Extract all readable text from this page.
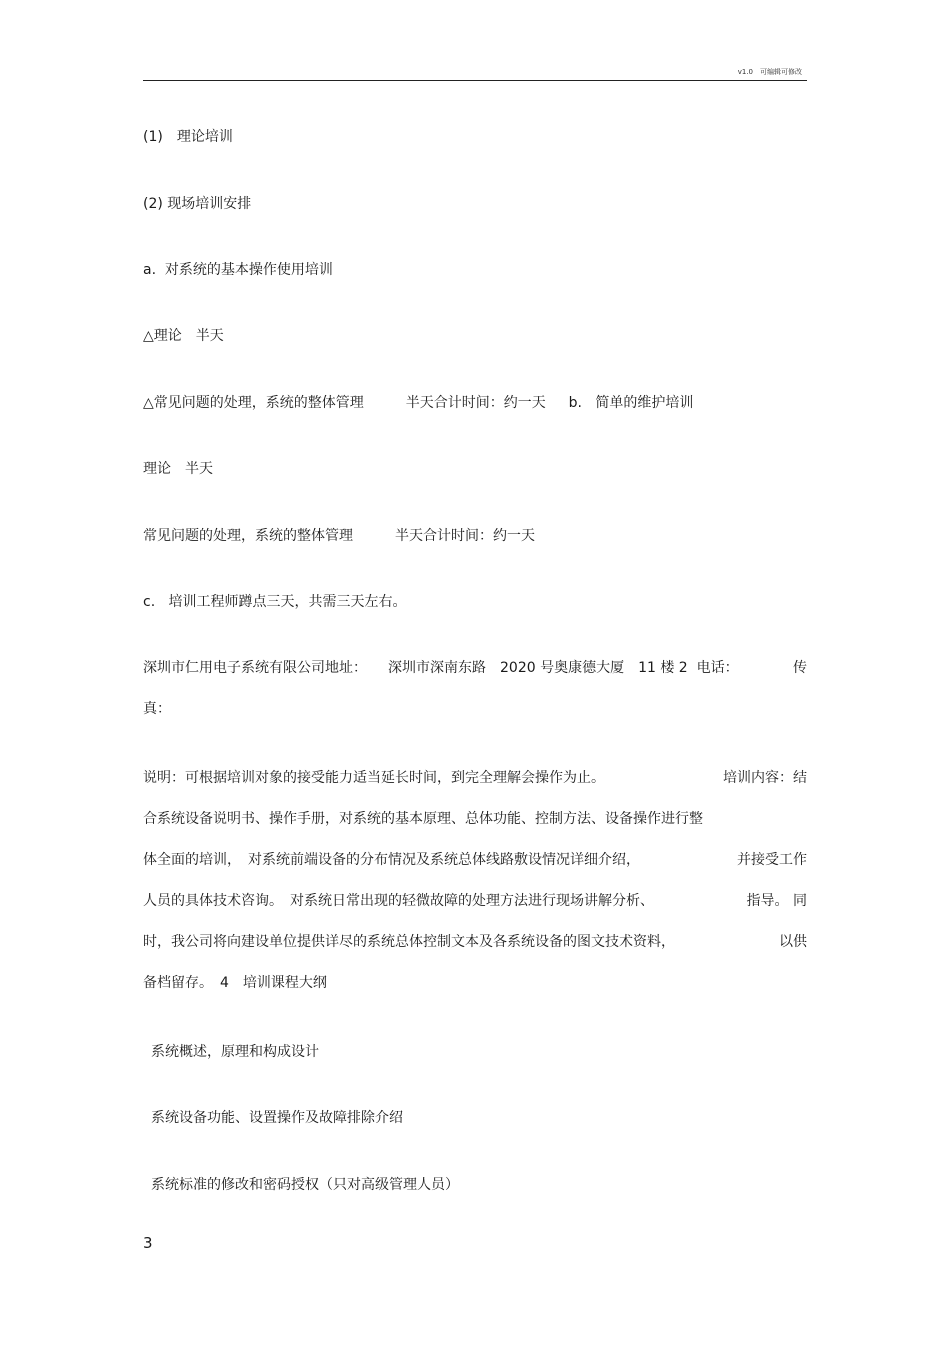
v1.0　可编辑可修改
(1)　理论培训
(2) 现场培训安排
a.  对系统的基本操作使用培训
△理论　半天
△常见问题的处理，系统的整体管理　　　半天合计时间：约一天　  b.   简单的维护培训
理论　半天
常见问题的处理，系统的整体管理　　　半天合计时间：约一天
c.   培训工程师蹲点三天，共需三天左右。
深圳市仁用电子系统有限公司地址：　　深圳市深南东路　2020 号奥康德大厦　11 楼 2  电话：	传
真：
说明：可根据培训对象的接受能力适当延长时间，到完全理解会操作为止。	培训内容：结
合系统设备说明书、操作手册，对系统的基本原理、总体功能、控制方法、设备操作进行整
体全面的培训，　对系统前端设备的分布情况及系统总体线路敷设情况详细介绍，	并接受工作
人员的具体技术咨询。　对系统日常出现的轻微故障的处理方法进行现场讲解分析、	指导。 同
时，我公司将向建设单位提供详尽的系统总体控制文本及各系统设备的图文技术资料，	以供
备档留存。　4　培训课程大纲
系统概述，原理和构成设计
系统设备功能、设置操作及故障排除介绍
系统标准的修改和密码授权（只对高级管理人员）
3
